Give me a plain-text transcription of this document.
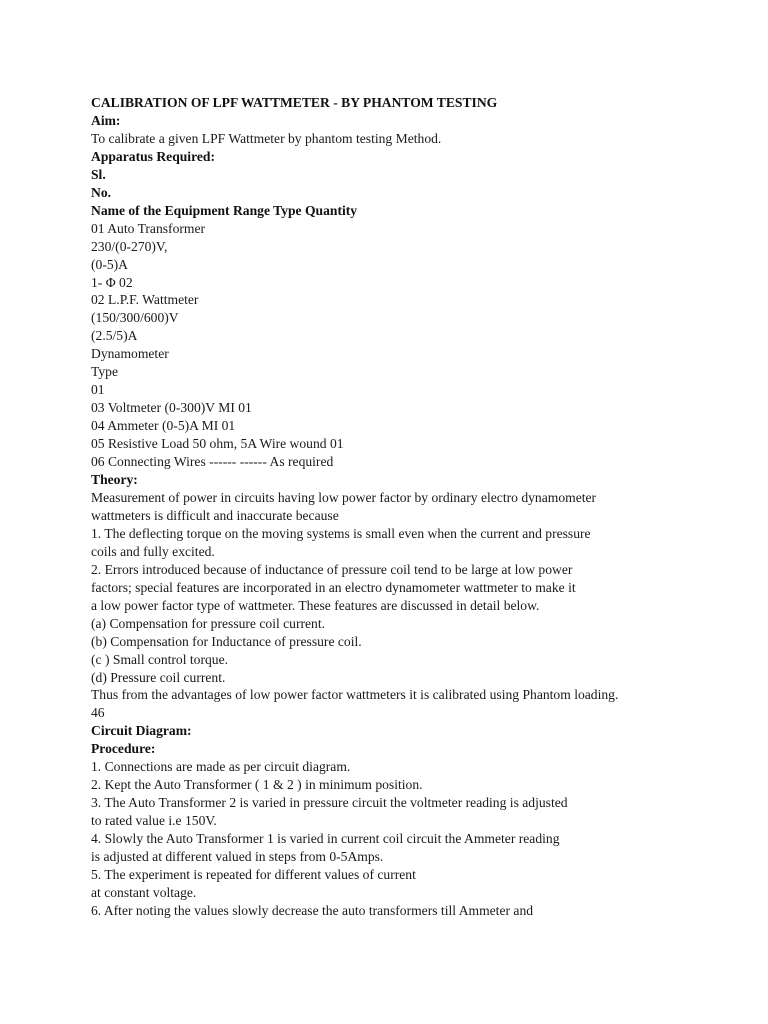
CALIBRATION OF LPF WATTMETER - BY PHANTOM TESTING
Aim:
To calibrate a given LPF Wattmeter by phantom testing Method.
Apparatus Required:
Sl.
No.
Name of the Equipment Range Type Quantity
01 Auto Transformer
230/(0-270)V,
(0-5)A
1- Φ 02
02 L.P.F. Wattmeter
(150/300/600)V
(2.5/5)A
Dynamometer
Type
01
03 Voltmeter (0-300)V MI 01
04 Ammeter (0-5)A MI 01
05 Resistive Load 50 ohm, 5A Wire wound 01
06 Connecting Wires ------ ------ As required
Theory:
Measurement of power in circuits having low power factor by ordinary electro dynamometer
wattmeters is difficult and inaccurate because
1. The deflecting torque on the moving systems is small even when the current and pressure
coils and fully excited.
2. Errors introduced because of inductance of pressure coil tend to be large at low power
factors; special features are incorporated in an electro dynamometer wattmeter to make it
a low power factor type of wattmeter. These features are discussed in detail below.
(a) Compensation for pressure coil current.
(b) Compensation for Inductance of pressure coil.
(c ) Small control torque.
(d) Pressure coil current.
Thus from the advantages of low power factor wattmeters it is calibrated using Phantom loading.
46
Circuit Diagram:
Procedure:
1. Connections are made as per circuit diagram.
2. Kept the Auto Transformer ( 1 & 2 ) in minimum position.
3. The Auto Transformer 2 is varied in pressure circuit the voltmeter reading is adjusted
to rated value i.e 150V.
4. Slowly the Auto Transformer 1 is varied in current coil circuit the Ammeter reading
is adjusted at different valued in steps from 0-5Amps.
5. The experiment is repeated for different values of current
at constant voltage.
6. After noting the values slowly decrease the auto transformers till Ammeter and
